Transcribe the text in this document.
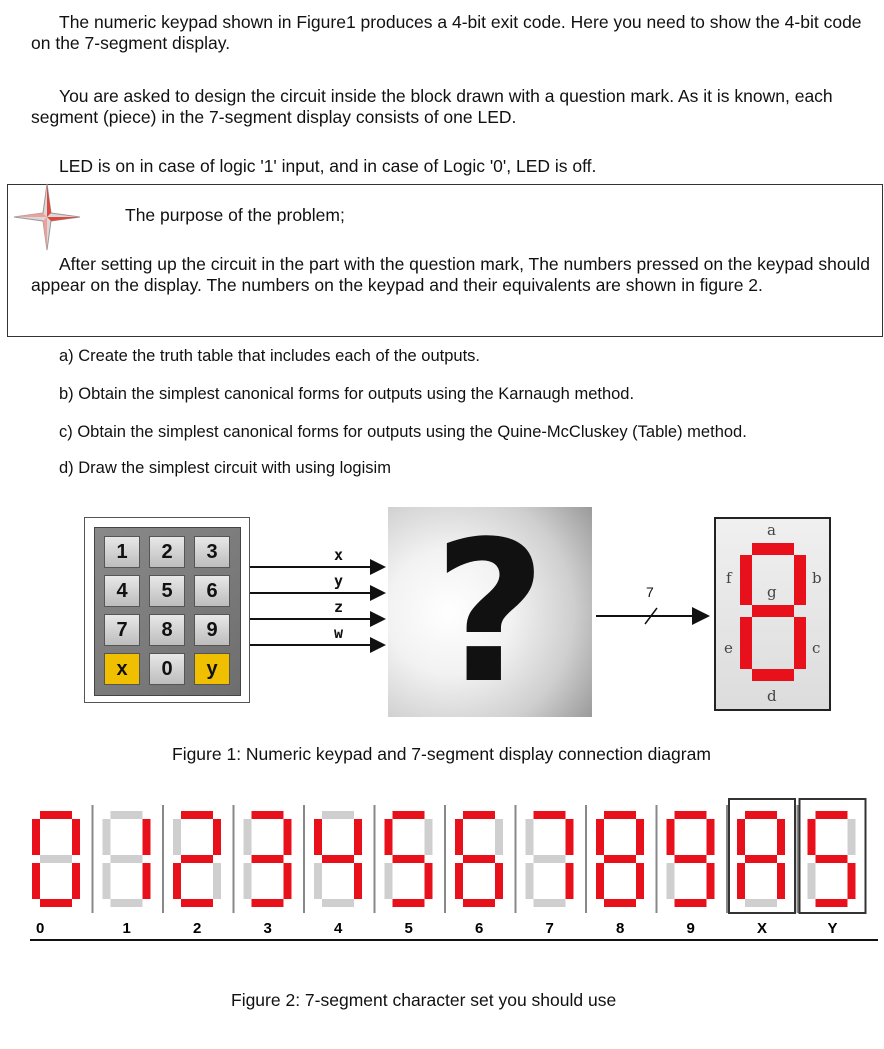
The numeric keypad shown in Figure1 produces a 4-bit exit code. Here you need to show the 4-bit code on the 7-segment display.

You are asked to design the circuit inside the block drawn with a question mark. As it is known, each segment (piece) in the 7-segment display consists of one LED.

LED is on in case of logic '1' input, and in case of Logic '0', LED is off.

The purpose of the problem;

After setting up the circuit in the part with the question mark, The numbers pressed on the keypad should appear on the display. The numbers on the keypad and their equivalents are shown in figure 2.

a) Create the truth table that includes each of the outputs.

b) Obtain the simplest canonical forms for outputs using the Karnaugh method.

c) Obtain the simplest canonical forms for outputs using the Quine-McCluskey (Table) method.

d) Draw the simplest circuit with using logisim

1	2	3
4	5	6
7	8	9
x	0	y
x
y
z
w ?	7
a
b
c
d
e
f
g
Figure 1: Numeric keypad and 7-segment display connection diagram
0	1	2	3	4	5	6	7	8	9	X	Y
Figure 2: 7-segment character set you should use
